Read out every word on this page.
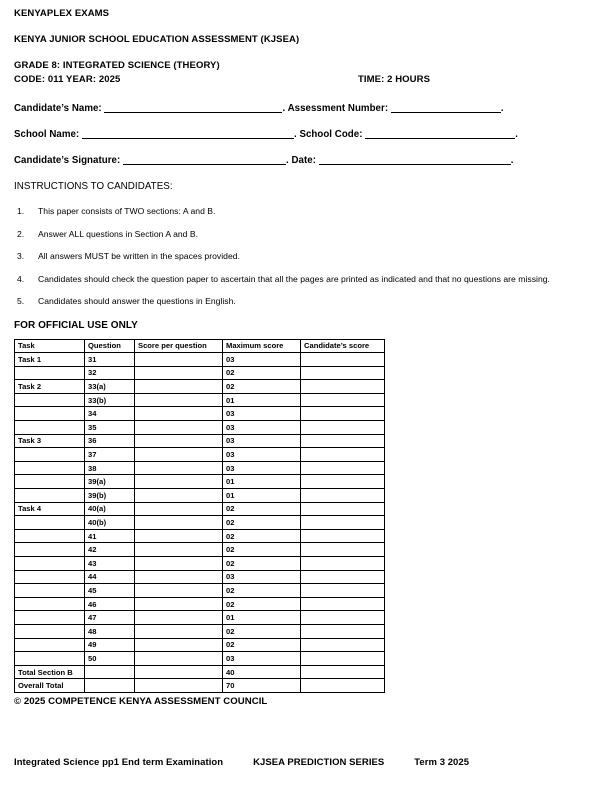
KENYAPLEX EXAMS
KENYA JUNIOR SCHOOL EDUCATION ASSESSMENT (KJSEA)
GRADE 8: INTEGRATED SCIENCE (THEORY)
CODE: 011 YEAR: 2025	TIME: 2 HOURS
Candidate’s Name:	. Assessment Number:	.
School Name:	. School Code:	.
Candidate’s Signature:	. Date:	.
INSTRUCTIONS TO CANDIDATES:
1. This paper consists of TWO sections: A and B.
2. Answer ALL questions in Section A and B.
3. All answers MUST be written in the spaces provided.
4. Candidates should check the question paper to ascertain that all the pages are printed as indicated and that no questions are missing.
5. Candidates should answer the questions in English.
FOR OFFICIAL USE ONLY
Task	Question	Score per question	Maximum score	Candidate’s score
Task 1	31		03	
	32		02	
Task 2	33(a)		02	
	33(b)		01	
	34		03	
	35		03	
Task 3	36		03	
	37		03	
	38		03	
	39(a)		01	
	39(b)		01	
Task 4	40(a)		02	
	40(b)		02	
	41		02	
	42		02	
	43		02	
	44		03	
	45		02	
	46		02	
	47		01	
	48		02	
	49		02	
	50		03	
Total Section B			40	
Overall Total			70	
© 2025 COMPETENCE KENYA ASSESSMENT COUNCIL
Integrated Science pp1 End term Examination	KJSEA PREDICTION SERIES	Term 3 2025
